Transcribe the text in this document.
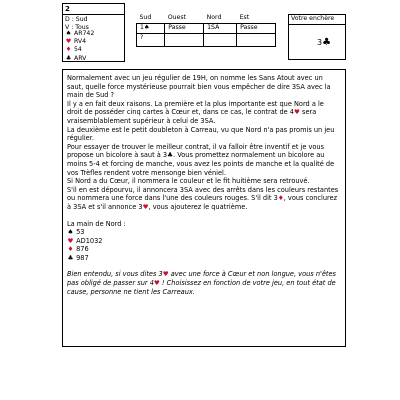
2
D : Sud
V : Tous
♠ AR742
♥ RV4
♦ 54
♣ ARV
Sud	Ouest	Nord	Est
1♠	Passe	1SA	Passe
?			
Votre enchère
3♣
Normalement avec un jeu régulier de 19H, on nomme les Sans Atout avec un saut, quelle force mystérieuse pourrait bien vous empêcher de dire 3SA avec la main de Sud ?
Il y a en fait deux raisons. La première et la plus importante est que Nord a le droit de posséder cinq cartes à Cœur et, dans ce cas, le contrat de 4♥ sera vraisemblablement supérieur à celui de 3SA.
La deuxième est le petit doubleton à Carreau, vu que Nord n'a pas promis un jeu régulier.
Pour essayer de trouver le meilleur contrat, il va falloir être inventif et je vous propose un bicolore à saut à 3♣. Vous promettez normalement un bicolore au moins 5-4 et forcing de manche, vous avez les points de manche et la qualité de vos Trèfles rendent votre mensonge bien véniel.
Si Nord a du Cœur, il nommera le couleur et le fit huitième sera retrouvé.
S'il en est dépourvu, il annoncera 3SA avec des arrêts dans les couleurs restantes ou nommera une force dans l'une des couleurs rouges. S'il dit 3♦, vous conclurez à 3SA et s'il annonce 3♥, vous ajouterez le quatrième.
La main de Nord :
♠ 53
♥ AD1032
♦ 876
♣ 987
Bien entendu, si vous dites 3♥ avec une force à Cœur et non longue, vous n'êtes pas obligé de passer sur 4♥ ! Choisissez en fonction de votre jeu, en tout état de cause, personne ne tient les Carreaux.
